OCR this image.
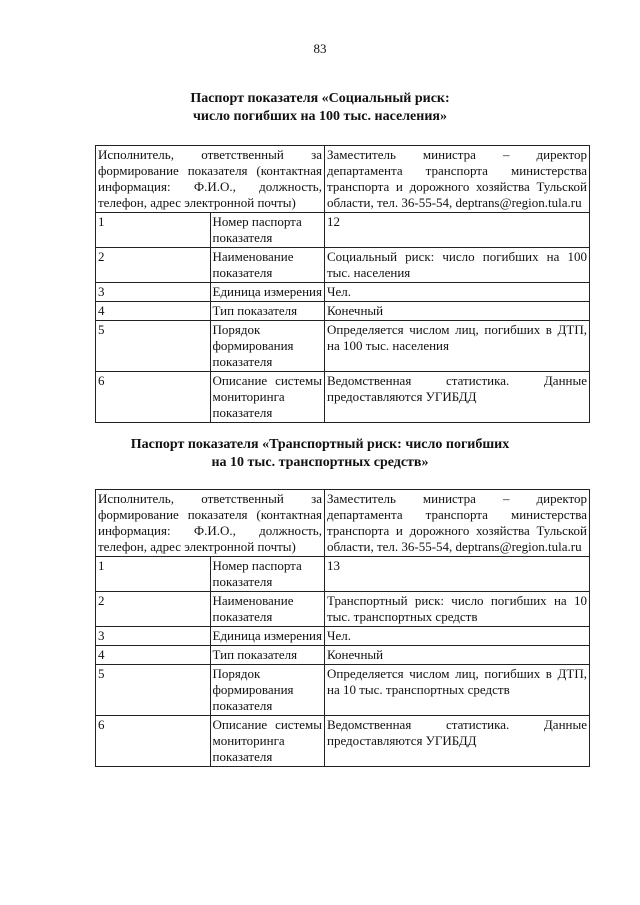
83
Паспорт показателя «Социальный риск:
число погибших на 100 тыс. населения»
Исполнитель, ответственный за формирование показателя (контактная информация: Ф.И.О., должность, телефон, адрес электронной почты)		Заместитель министра – директор департамента транспорта министерства транспорта и дорожного хозяйства Тульской области, тел. 36-55-54, deptrans@region.tula.ru
1	Номер паспорта показателя	12
2	Наименование показателя	Социальный риск: число погибших на 100 тыс. населения
3	Единица измерения	Чел.
4	Тип показателя	Конечный
5	Порядок формирования показателя	Определяется числом лиц, погибших в ДТП, на 100 тыс. населения
6	Описание системы мониторинга показателя	Ведомственная статистика. Данные предоставляются УГИБДД
Паспорт показателя «Транспортный риск: число погибших
на 10 тыс. транспортных средств»
Исполнитель, ответственный за формирование показателя (контактная информация: Ф.И.О., должность, телефон, адрес электронной почты)		Заместитель министра – директор департамента транспорта министерства транспорта и дорожного хозяйства Тульской области, тел. 36-55-54, deptrans@region.tula.ru
1	Номер паспорта показателя	13
2	Наименование показателя	Транспортный риск: число погибших на 10 тыс. транспортных средств
3	Единица измерения	Чел.
4	Тип показателя	Конечный
5	Порядок формирования показателя	Определяется числом лиц, погибших в ДТП, на 10 тыс. транспортных средств
6	Описание системы мониторинга показателя	Ведомственная статистика. Данные предоставляются УГИБДД
